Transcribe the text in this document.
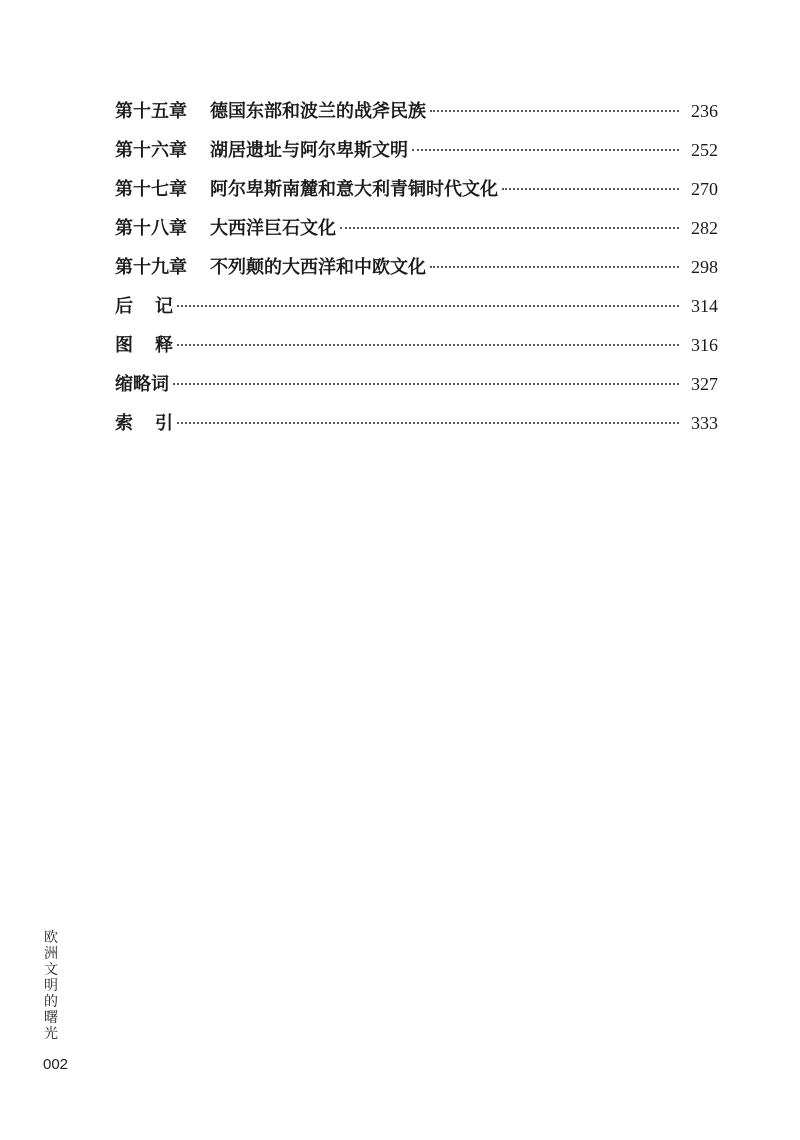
第十五章	德国东部和波兰的战斧民族	236
第十六章	湖居遗址与阿尔卑斯文明	252
第十七章	阿尔卑斯南麓和意大利青铜时代文化	270
第十八章	大西洋巨石文化	282
第十九章	不列颠的大西洋和中欧文化	298
后 记	314
图 释	316
缩略词	327
索 引	333
欧洲文明的曙光
002
